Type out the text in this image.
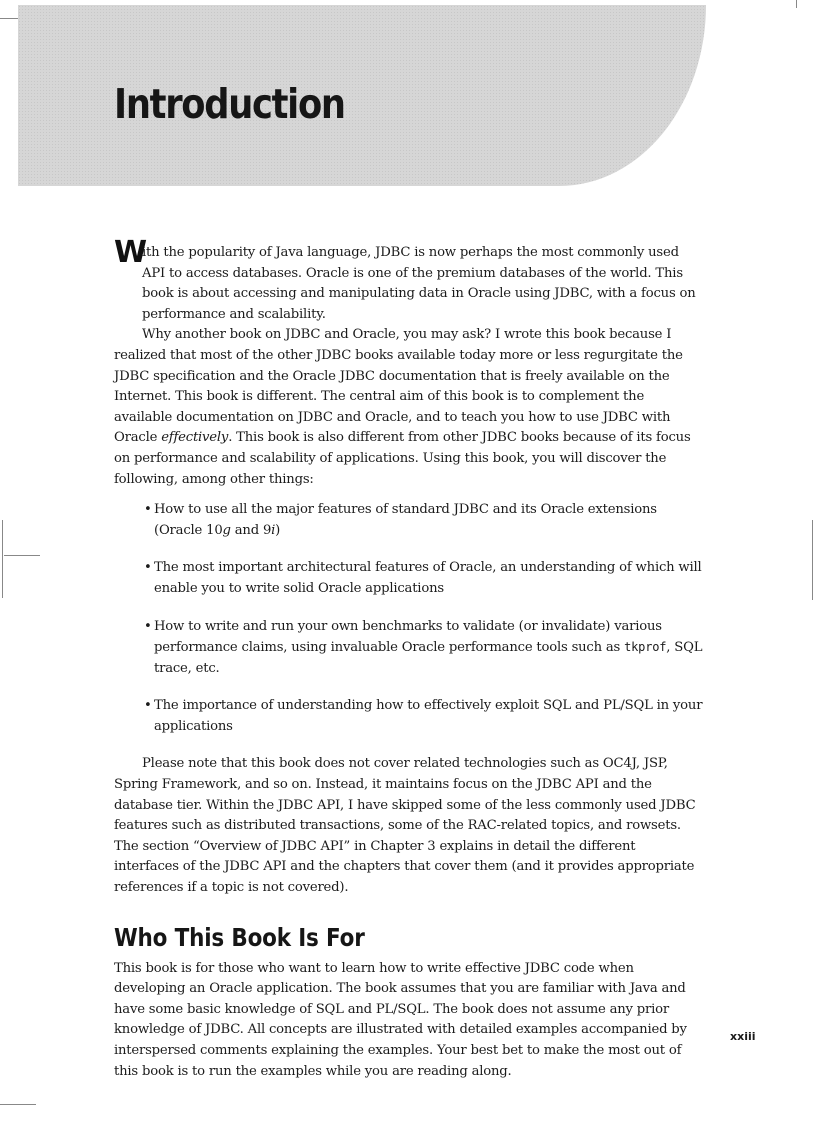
Introduction

W
ith the popularity of Java language, JDBC is now perhaps the most commonly used API to access databases. Oracle is one of the premium databases of the world. This book is about accessing and manipulating data in Oracle using JDBC, with a focus on performance and scalability.

Why another book on JDBC and Oracle, you may ask? I wrote this book because I realized that most of the other JDBC books available today more or less regurgitate the JDBC specification and the Oracle JDBC documentation that is freely available on the Internet. This book is different. The central aim of this book is to complement the available documentation on JDBC and Oracle, and to teach you how to use JDBC with Oracle effectively. This book is also different from other JDBC books because of its focus on performance and scalability of applications. Using this book, you will discover the following, among other things:

• How to use all the major features of standard JDBC and its Oracle extensions (Oracle 10g and 9i)
• The most important architectural features of Oracle, an understanding of which will enable you to write solid Oracle applications
• How to write and run your own benchmarks to validate (or invalidate) various performance claims, using invaluable Oracle performance tools such as tkprof, SQL trace, etc.
• The importance of understanding how to effectively exploit SQL and PL/SQL in your applications

Please note that this book does not cover related technologies such as OC4J, JSP, Spring Framework, and so on. Instead, it maintains focus on the JDBC API and the database tier. Within the JDBC API, I have skipped some of the less commonly used JDBC features such as distributed transactions, some of the RAC-related topics, and rowsets. The section “Overview of JDBC API” in Chapter 3 explains in detail the different interfaces of the JDBC API and the chapters that cover them (and it provides appropriate references if a topic is not covered).

Who This Book Is For

This book is for those who want to learn how to write effective JDBC code when developing an Oracle application. The book assumes that you are familiar with Java and have some basic knowledge of SQL and PL/SQL. The book does not assume any prior knowledge of JDBC. All concepts are illustrated with detailed examples accompanied by interspersed comments explaining the examples. Your best bet to make the most out of this book is to run the examples while you are reading along.

xxiii
